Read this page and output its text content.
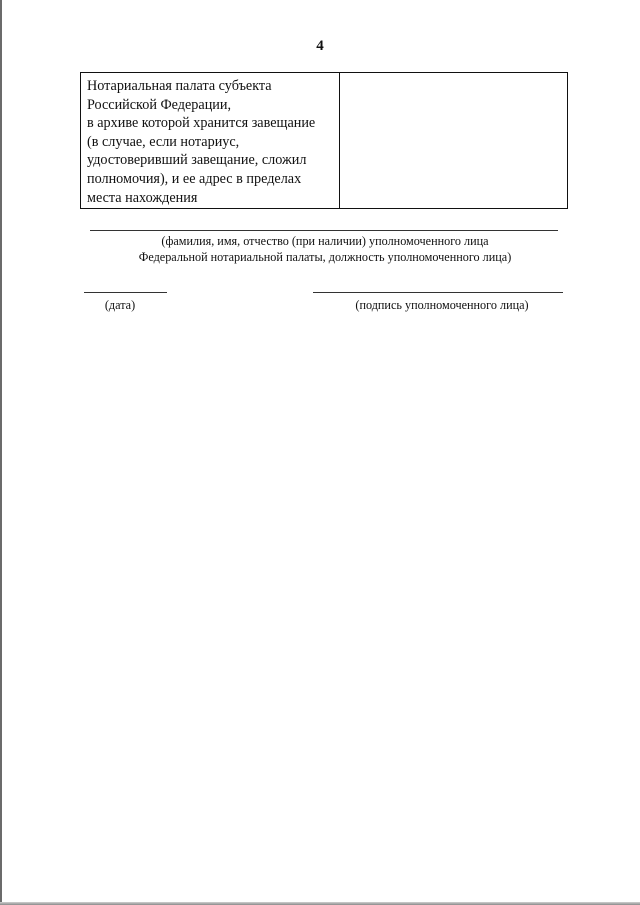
4
Нотариальная палата субъекта
Российской Федерации,
в архиве которой хранится завещание
(в случае, если нотариус,
удостоверивший завещание, сложил
полномочия), и ее адрес в пределах
места нахождения

(фамилия, имя, отчество (при наличии) уполномоченного лица
Федеральной нотариальной палаты, должность уполномоченного лица)
(дата)	(подпись уполномоченного лица)
